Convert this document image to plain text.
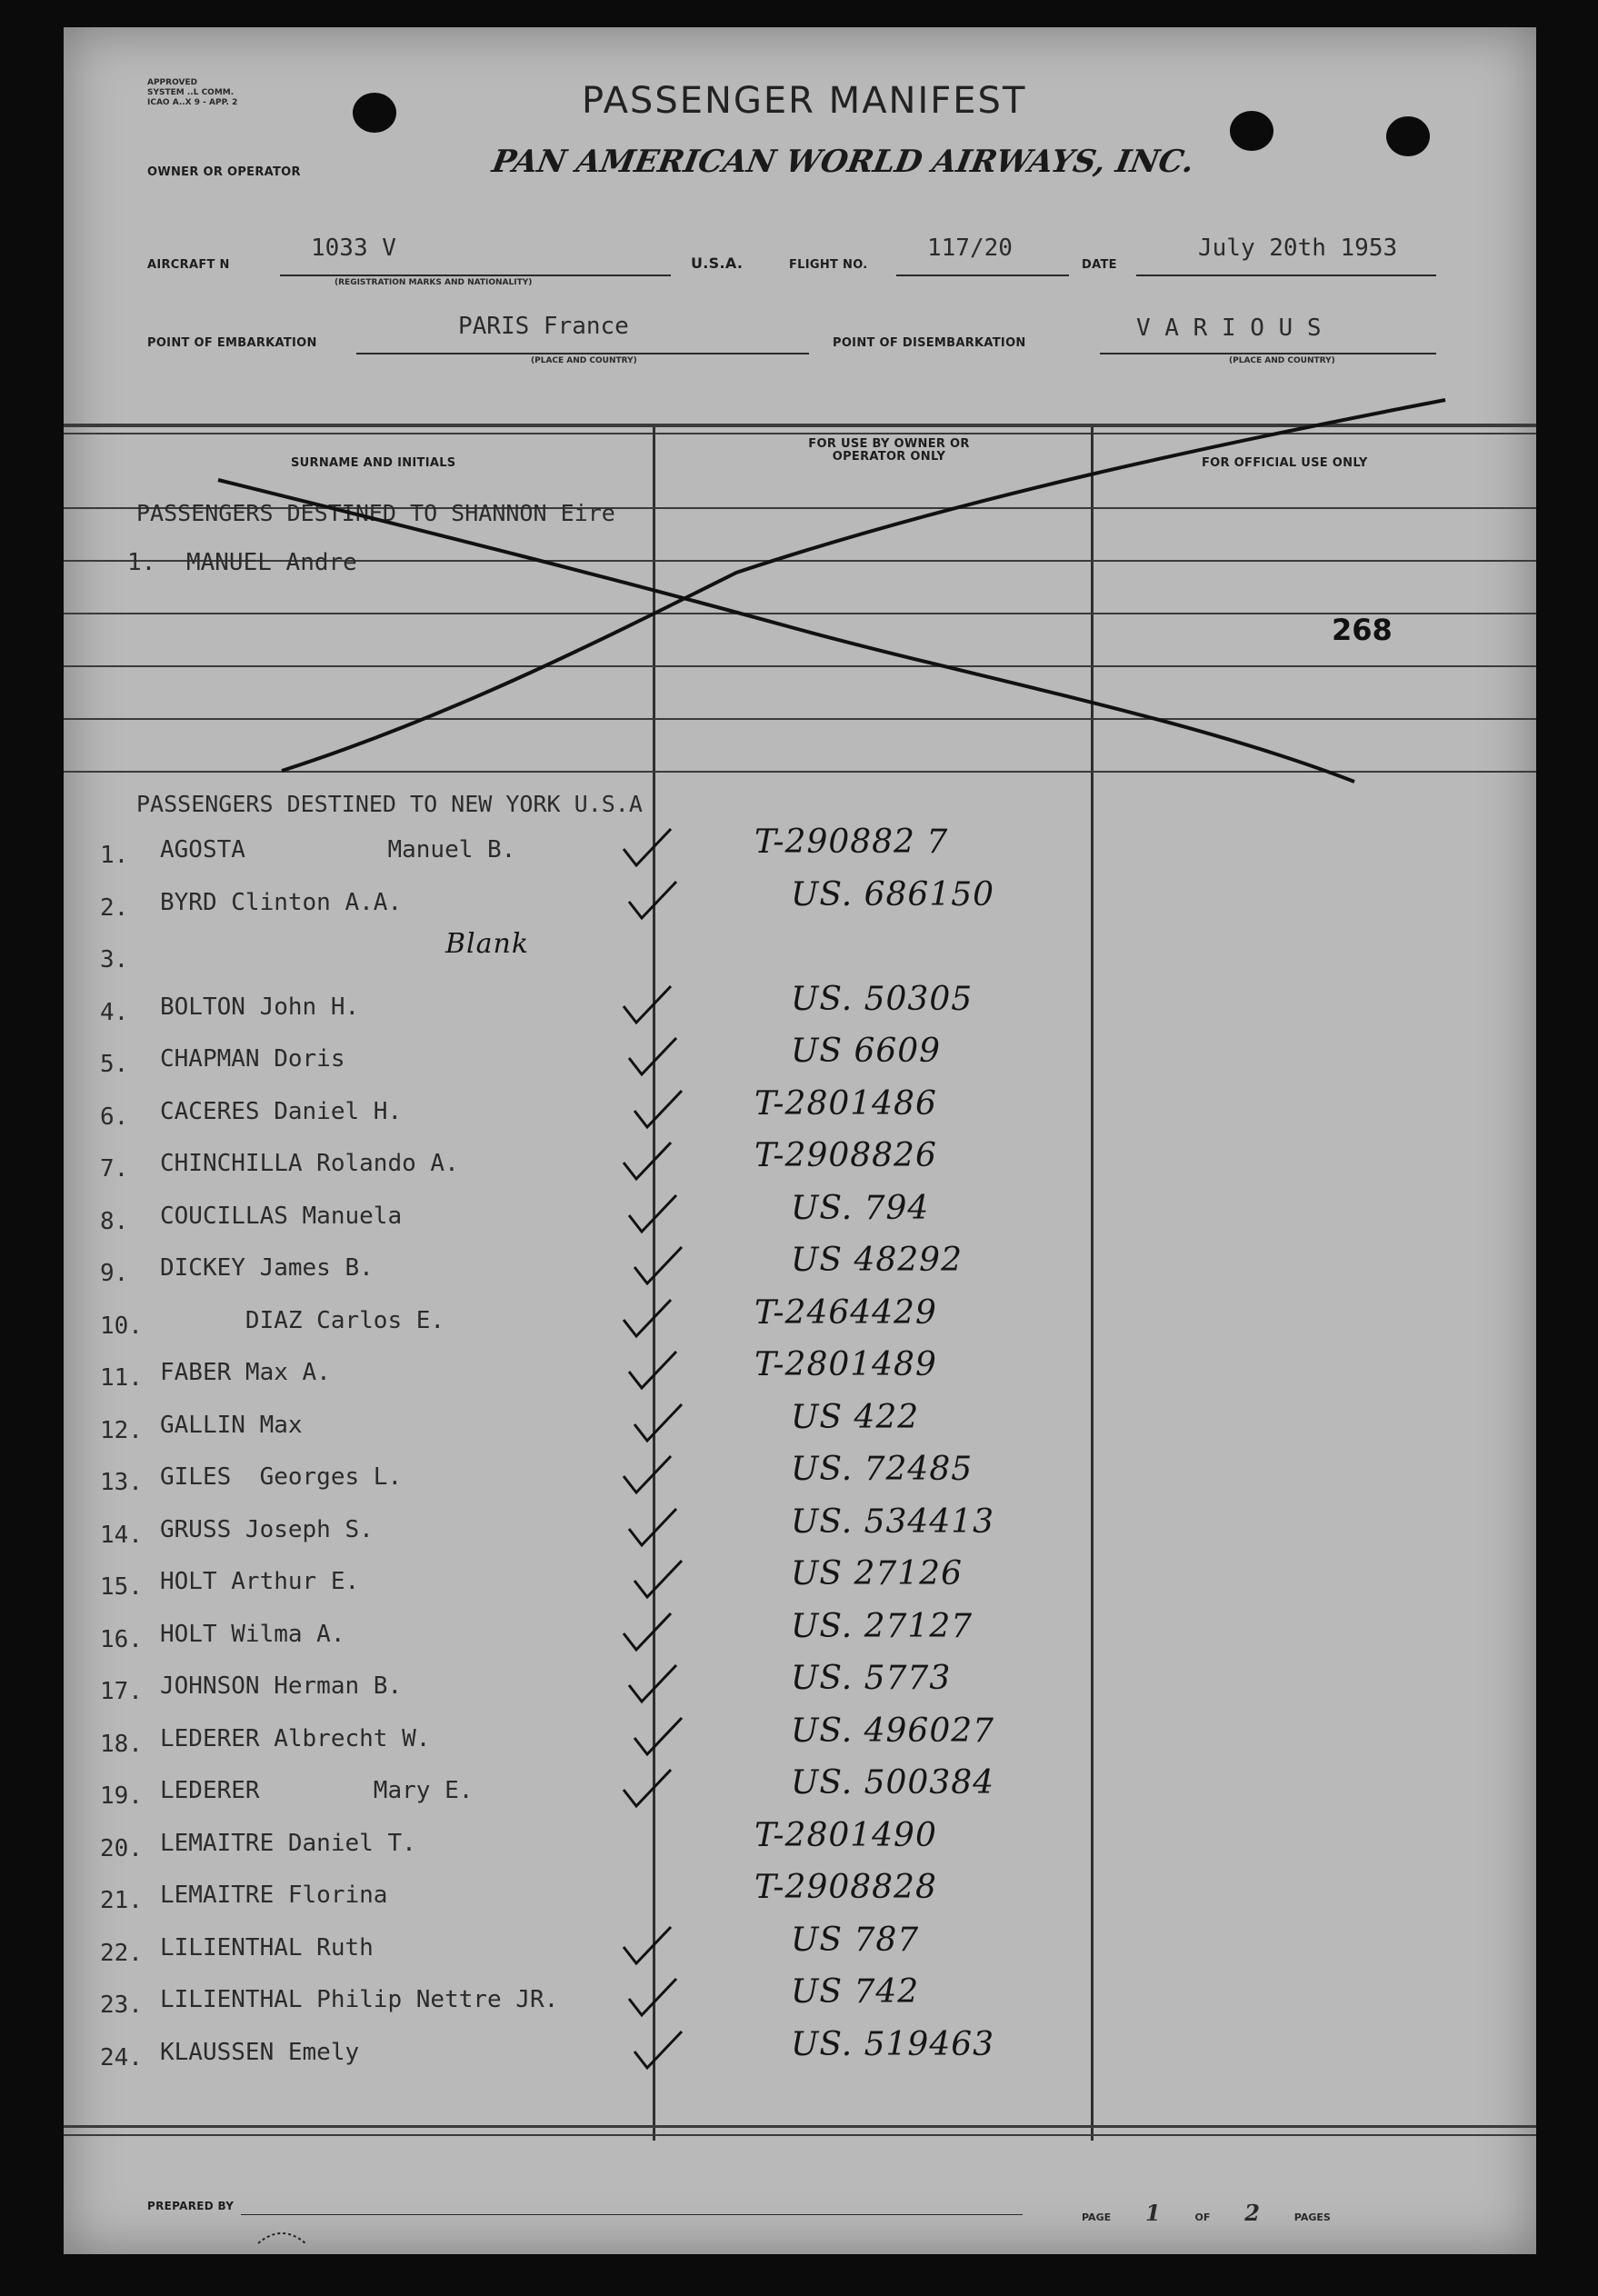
APPROVED
SYSTEM ..L COMM.
ICAO A..X 9 - APP. 2	PASSENGER MANIFEST
PAN AMERICAN WORLD AIRWAYS, INC.
OWNER OR OPERATOR
AIRCRAFT N
1033 V
(REGISTRATION MARKS AND NATIONALITY)
U.S.A.	FLIGHT NO.
117/20
DATE
July 20th 1953
POINT OF EMBARKATION
PARIS France
(PLACE AND COUNTRY)
POINT OF DISEMBARKATION
V A R I O U S
(PLACE AND COUNTRY)
SURNAME AND INITIALS
FOR USE BY OWNER OR OPERATOR ONLY	FOR OFFICIAL USE ONLY
PASSENGERS DESTINED TO SHANNON Eire
1. MANUEL Andre
268
PASSENGERS DESTINED TO NEW YORK U.S.A
1. AGOSTA          Manuel B.	T-290882 7
2. BYRD Clinton A.A.	US. 686150
3.	Blank
4. BOLTON John H.	US. 50305
5. CHAPMAN Doris	US 6609
6. CACERES Daniel H.	T-2801486
7. CHINCHILLA Rolando A.	T-2908826
8. COUCILLAS Manuela	US. 794
9. DICKEY James B.	US 48292
10. DIAZ Carlos E.	T-2464429
11. FABER Max A.	T-2801489
12. GALLIN Max	US 422
13. GILES  Georges L.	US. 72485
14. GRUSS Joseph S.	US. 534413
15. HOLT Arthur E.	US 27126
16. HOLT Wilma A.	US. 27127
17. JOHNSON Herman B.	US. 5773
18. LEDERER Albrecht W.	US. 496027
19. LEDERER        Mary E.	US. 500384
20. LEMAITRE Daniel T.	T-2801490
21. LEMAITRE Florina	T-2908828
22. LILIENTHAL Ruth	US 787
23. LILIENTHAL Philip Nettre JR.	US 742
24. KLAUSSEN Emely	US. 519463
PREPARED BY
PAGE 1	OF 2	PAGES
